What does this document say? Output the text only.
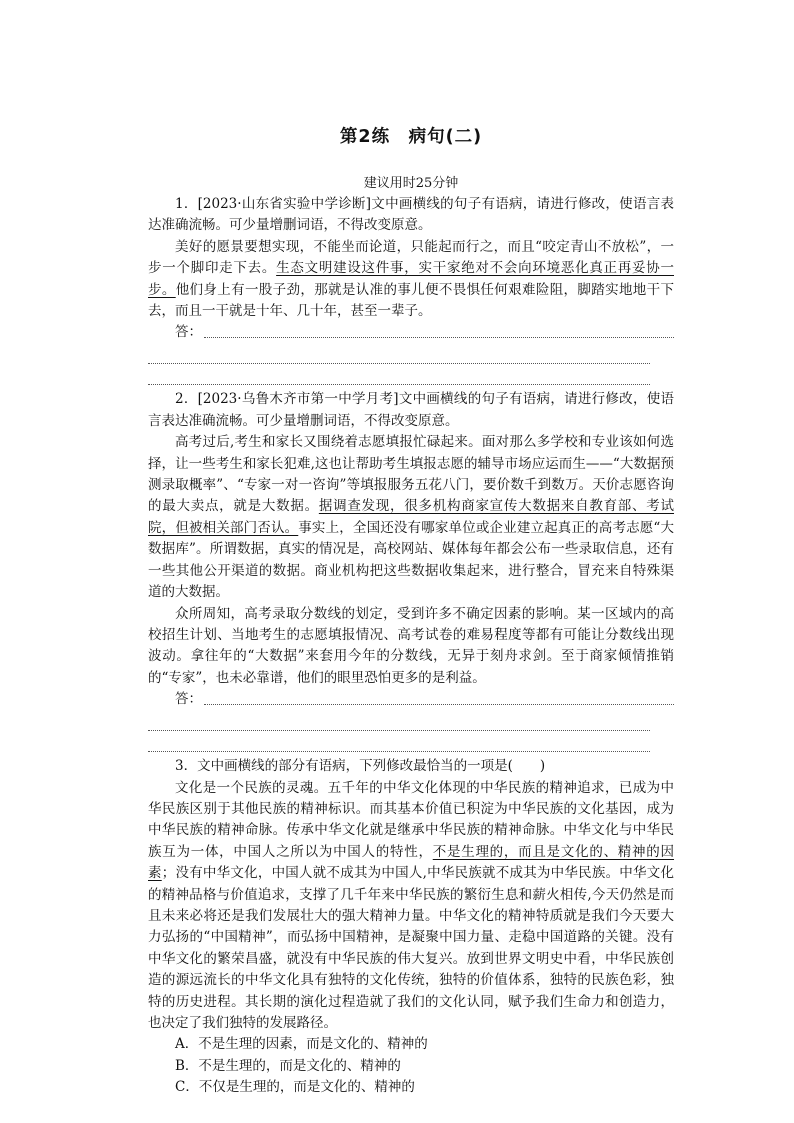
第2练　病句(二)
建议用时25分钟

1．[2023·山东省实验中学诊断]文中画横线的句子有语病，请进行修改，使语言表达准确流畅。可少量增删词语，不得改变原意。

美好的愿景要想实现，不能坐而论道，只能起而行之，而且“咬定青山不放松”，一步一个脚印走下去。生态文明建设这件事，实干家绝对不会向环境恶化真正再妥协一步。他们身上有一股子劲，那就是认准的事儿便不畏惧任何艰难险阻，脚踏实地地干下去，而且一干就是十年、几十年，甚至一辈子。

答：

2．[2023·乌鲁木齐市第一中学月考]文中画横线的句子有语病，请进行修改，使语言表达准确流畅。可少量增删词语，不得改变原意。

高考过后,考生和家长又围绕着志愿填报忙碌起来。面对那么多学校和专业该如何选择，让一些考生和家长犯难,这也让帮助考生填报志愿的辅导市场应运而生——“大数据预测录取概率”、“专家一对一咨询”等填报服务五花八门，要价数千到数万。天价志愿咨询的最大卖点，就是大数据。据调查发现，很多机构商家宣传大数据来自教育部、考试院，但被相关部门否认。事实上，全国还没有哪家单位或企业建立起真正的高考志愿“大数据库”。所谓数据，真实的情况是，高校网站、媒体每年都会公布一些录取信息，还有一些其他公开渠道的数据。商业机构把这些数据收集起来，进行整合，冒充来自特殊渠道的大数据。

众所周知，高考录取分数线的划定，受到许多不确定因素的影响。某一区域内的高校招生计划、当地考生的志愿填报情况、高考试卷的难易程度等都有可能让分数线出现波动。拿往年的“大数据”来套用今年的分数线，无异于刻舟求剑。至于商家倾情推销的“专家”，也未必靠谱，他们的眼里恐怕更多的是利益。

答：

3．文中画横线的部分有语病，下列修改最恰当的一项是(　　)

文化是一个民族的灵魂。五千年的中华文化体现的中华民族的精神追求，已成为中华民族区别于其他民族的精神标识。而其基本价值已积淀为中华民族的文化基因，成为中华民族的精神命脉。传承中华文化就是继承中华民族的精神命脉。中华文化与中华民族互为一体，中国人之所以为中国人的特性，不是生理的，而且是文化的、精神的因素；没有中华文化，中国人就不成其为中国人,中华民族就不成其为中华民族。中华文化的精神品格与价值追求，支撑了几千年来中华民族的繁衍生息和薪火相传,今天仍然是而且未来必将还是我们发展壮大的强大精神力量。中华文化的精神特质就是我们今天要大力弘扬的“中国精神”，而弘扬中国精神，是凝聚中国力量、走稳中国道路的关键。没有中华文化的繁荣昌盛，就没有中华民族的伟大复兴。放到世界文明史中看，中华民族创造的源远流长的中华文化具有独特的文化传统，独特的价值体系，独特的民族色彩，独特的历史进程。其长期的演化过程造就了我们的文化认同，赋予我们生命力和创造力，也决定了我们独特的发展路径。

A．不是生理的因素，而是文化的、精神的

B．不是生理的，而是文化的、精神的

C．不仅是生理的，而是文化的、精神的
